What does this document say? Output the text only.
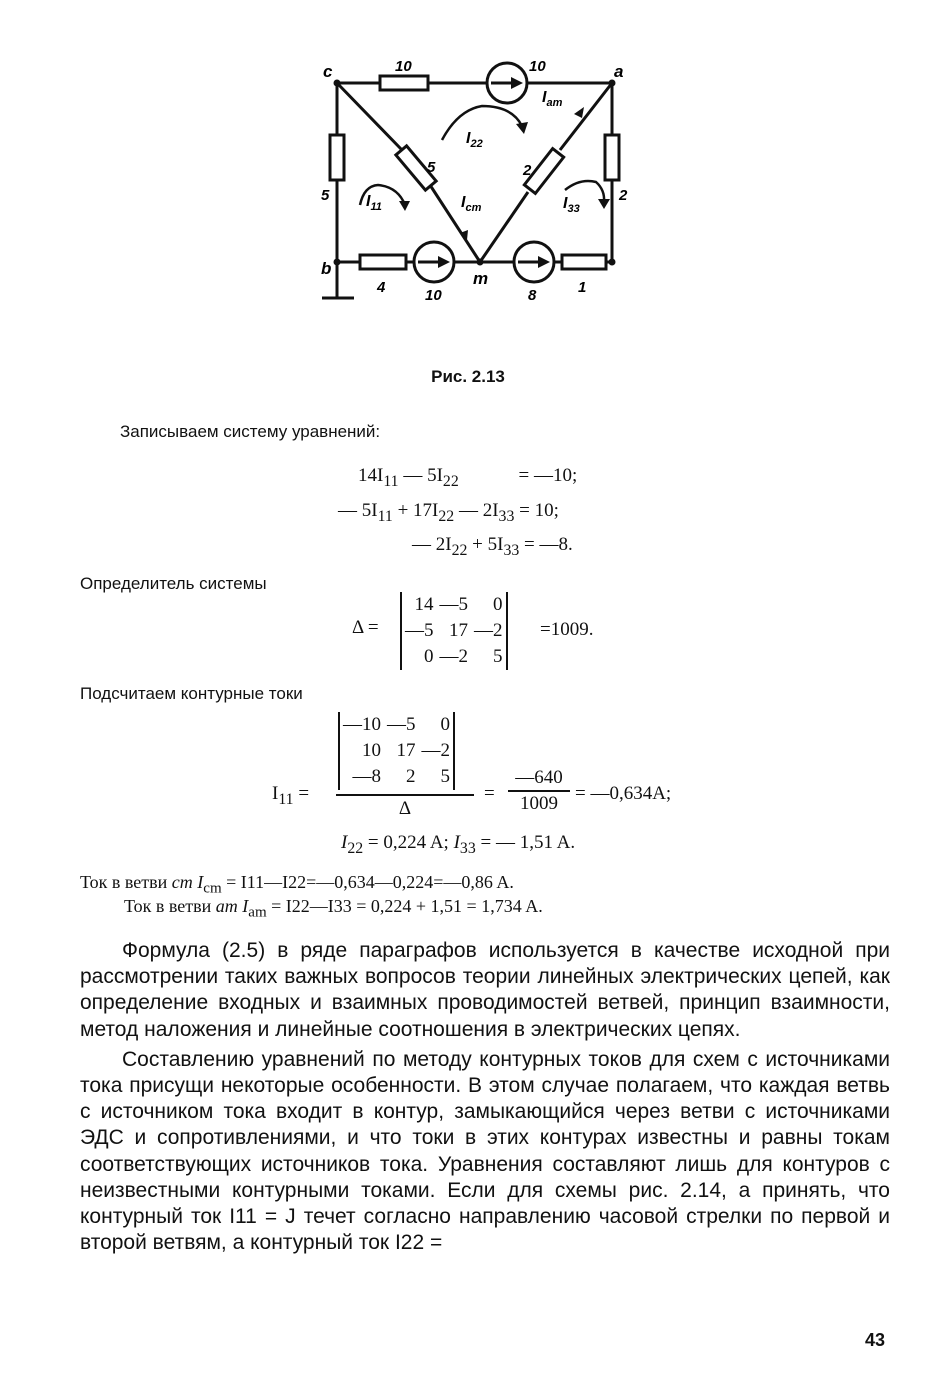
c	a
b
m
10	10
5
5	2
2
4	10	8	1
$I_{11}$
$I_{22}$
$I_{33}$
$I_{cm}$
$I_{am}$
Рис. 2.13
Записываем систему уравнений:
$14I_{11}$ — $5I_{22}$	= —10;
— $5I_{11} + 17I_{22}$ — $2I_{33} = 10$;
— $2I_{22} + 5I_{33}$ = —8.
Определитель системы
Δ =
14	—5	0
—5	17	—2
0	—2	5
=1009.
Подсчитаем контурные токи
$I_{11}$ =
—10	—5	0
10	17	—2
—8	2	5
Δ
=
—640
1009 = —0,634A;
$I_{22} = 0,224$ A; $I_{33}$ = — 1,51 A.
Ток в ветви cm $I_{cm}$ = I11—I22=—0,634—0,224=—0,86 A.
Ток в ветви am $I_{am}$ = I22—I33 = 0,224 + 1,51 = 1,734 A.

Формула (2.5) в ряде параграфов используется в качестве исходной при рассмотрении таких важных вопросов теории линейных электрических цепей, как определение входных и взаимных проводимостей ветвей, принцип взаимности, метод наложения и линейные соотношения в электрических цепях.

Составлению уравнений по методу контурных токов для схем с источниками тока присущи некоторые особенности. В этом случае полагаем, что каждая ветвь с источником тока входит в контур, замыкающийся через ветви с источниками ЭДС и сопротивлениями, и что токи в этих контурах известны и равны токам соответствующих источников тока. Уравнения составляют лишь для контуров с неизвестными контурными токами. Если для схемы рис. 2.14, а принять, что контурный ток I11 = J течет согласно направлению часовой стрелки по первой и второй ветвям, а контурный ток I22 =

43
